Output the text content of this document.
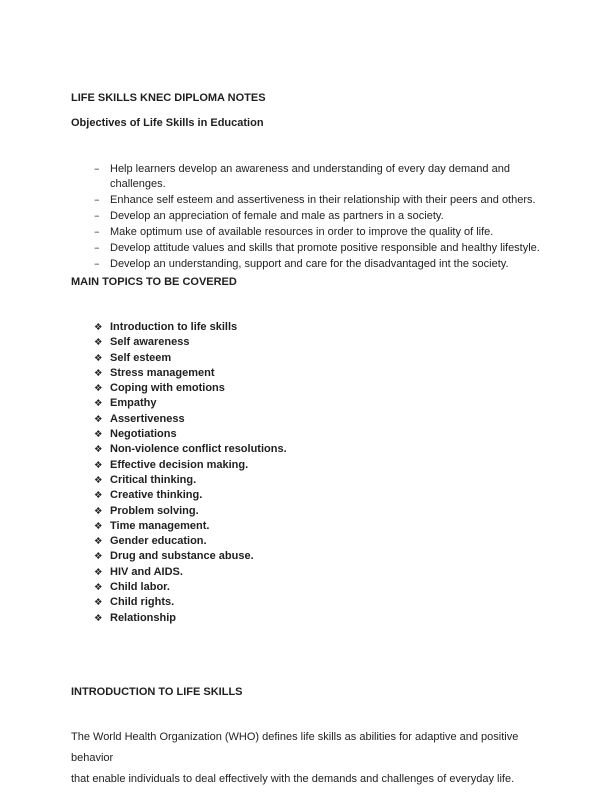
LIFE SKILLS KNEC DIPLOMA NOTES
Objectives of Life Skills in Education
– Help learners develop an awareness and understanding of every day demand and challenges.
– Enhance self esteem and assertiveness in their relationship with their peers and others.
– Develop an appreciation of female and male as partners in a society.
– Make optimum use of available resources in order to improve the quality of life.
– Develop attitude values and skills that promote positive responsible and healthy lifestyle.
– Develop an understanding, support and care for the disadvantaged int the society.
MAIN TOPICS TO BE COVERED
❖ Introduction to life skills
❖ Self awareness
❖ Self esteem
❖ Stress management
❖ Coping with emotions
❖ Empathy
❖ Assertiveness
❖ Negotiations
❖ Non-violence conflict resolutions.
❖ Effective decision making.
❖ Critical thinking.
❖ Creative thinking.
❖ Problem solving.
❖ Time management.
❖ Gender education.
❖ Drug and substance abuse.
❖ HIV and AIDS.
❖ Child labor.
❖ Child rights.
❖ Relationship
INTRODUCTION TO LIFE SKILLS
The World Health Organization (WHO) defines life skills as abilities for adaptive and positive behavior
that enable individuals to deal effectively with the demands and challenges of everyday life.
